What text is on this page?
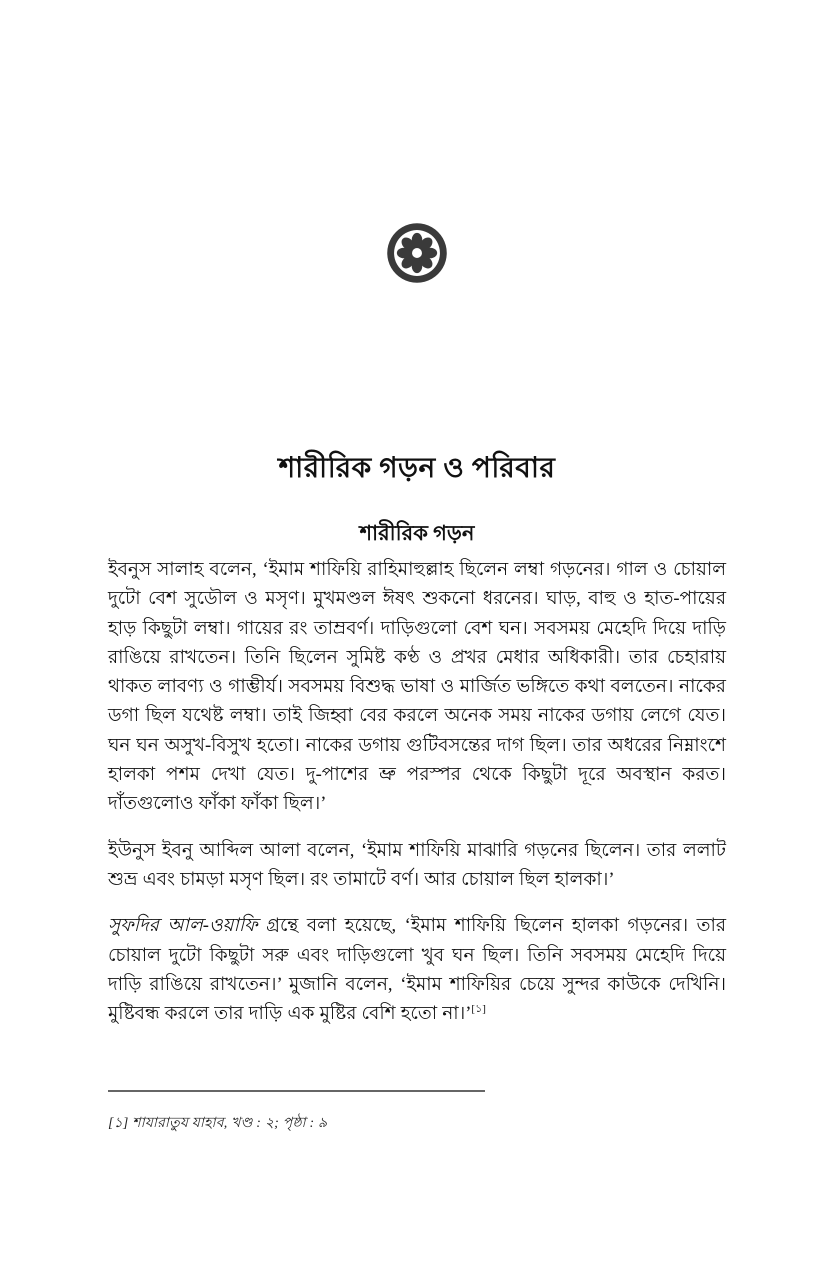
শারীরিক গড়ন ও পরিবার
শারীরিক গড়ন

ইবনুস সালাহ বলেন, ‘ইমাম শাফিয়ি রাহিমাহুল্লাহ ছিলেন লম্বা গড়নের। গাল ও চোয়াল দুটো বেশ সুডৌল ও মসৃণ। মুখমণ্ডল ঈষৎ শুকনো ধরনের। ঘাড়, বাহু ও হাত-পায়ের হাড় কিছুটা লম্বা। গায়ের রং তাম্রবর্ণ। দাড়িগুলো বেশ ঘন। সবসময় মেহেদি দিয়ে দাড়ি রাঙিয়ে রাখতেন। তিনি ছিলেন সুমিষ্ট কণ্ঠ ও প্রখর মেধার অধিকারী। তার চেহারায় থাকত লাবণ্য ও গাম্ভীর্য। সবসময় বিশুদ্ধ ভাষা ও মার্জিত ভঙ্গিতে কথা বলতেন। নাকের ডগা ছিল যথেষ্ট লম্বা। তাই জিহ্বা বের করলে অনেক সময় নাকের ডগায় লেগে যেত। ঘন ঘন অসুখ-বিসুখ হতো। নাকের ডগায় গুটিবসন্তের দাগ ছিল। তার অধরের নিম্নাংশে হালকা পশম দেখা যেত। দু-পাশের ভ্রু পরস্পর থেকে কিছুটা দূরে অবস্থান করত। দাঁতগুলোও ফাঁকা ফাঁকা ছিল।’

ইউনুস ইবনু আব্দিল আলা বলেন, ‘ইমাম শাফিয়ি মাঝারি গড়নের ছিলেন। তার ললাট শুভ্র এবং চামড়া মসৃণ ছিল। রং তামাটে বর্ণ। আর চোয়াল ছিল হালকা।’

সুফদির আল-ওয়াফি গ্রন্থে বলা হয়েছে, ‘ইমাম শাফিয়ি ছিলেন হালকা গড়নের। তার চোয়াল দুটো কিছুটা সরু এবং দাড়িগুলো খুব ঘন ছিল। তিনি সবসময় মেহেদি দিয়ে দাড়ি রাঙিয়ে রাখতেন।’ মুজানি বলেন, ‘ইমাম শাফিয়ির চেয়ে সুন্দর কাউকে দেখিনি। মুষ্টিবন্ধ করলে তার দাড়ি এক মুষ্টির বেশি হতো না।’[১]

[১] শাযারাতুয যাহাব, খণ্ড : ২; পৃষ্ঠা : ৯
